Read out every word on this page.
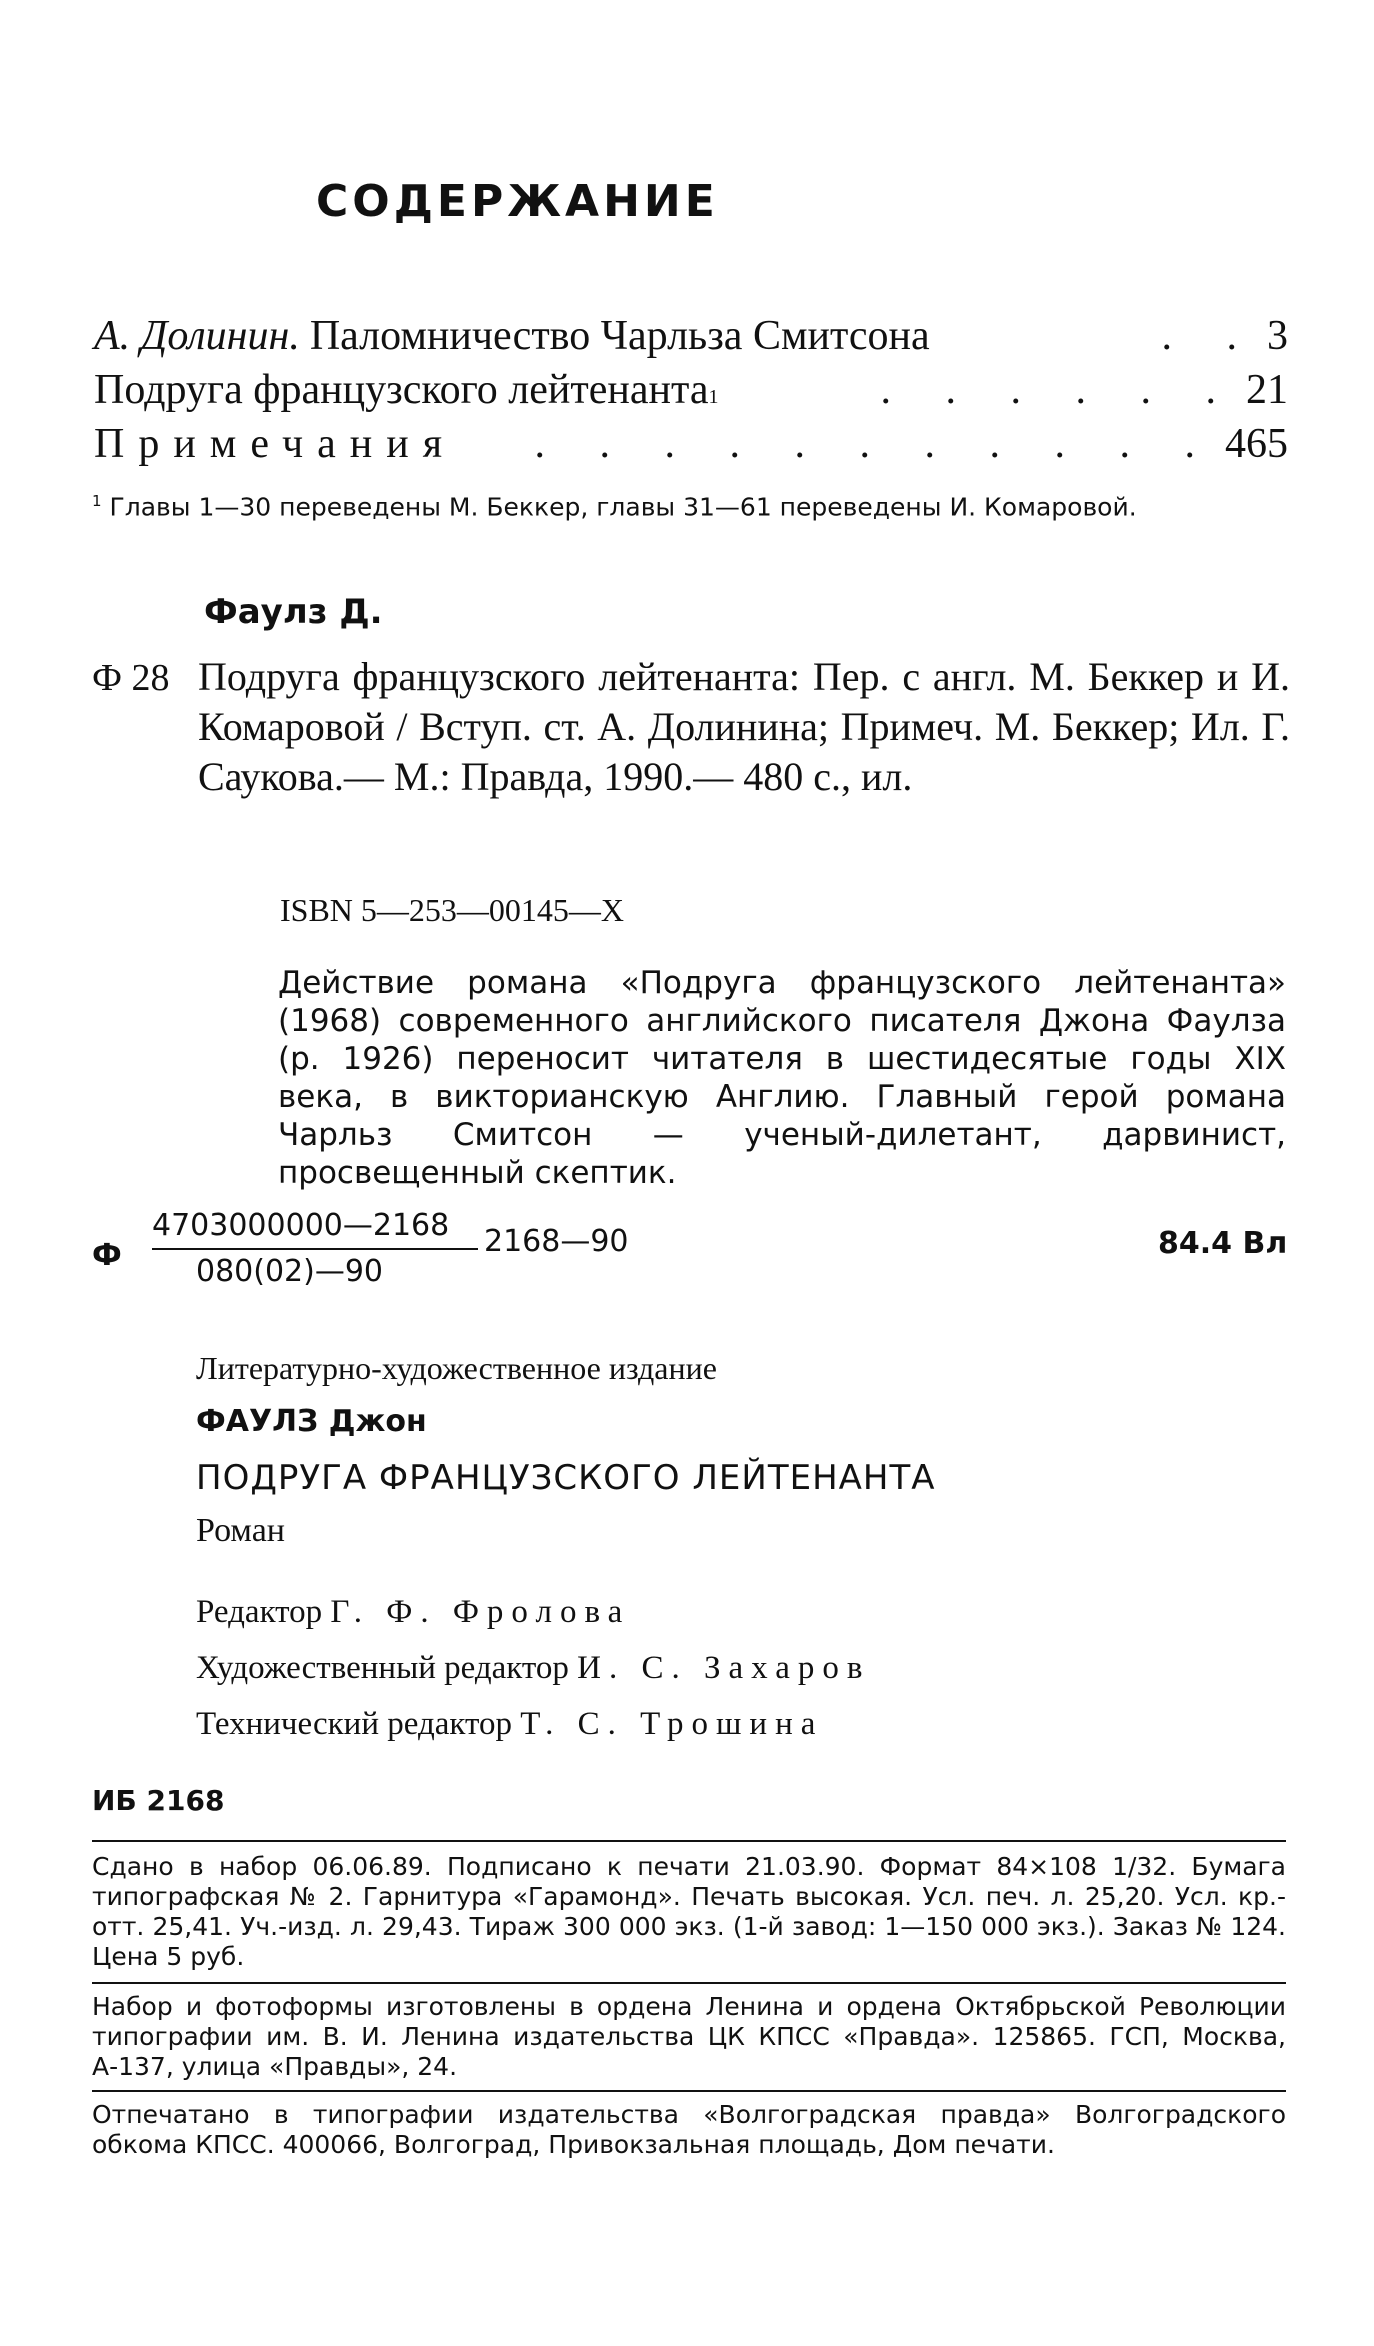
СОДЕРЖАНИЕ
А. Долинин. Паломничество Чарльза Смитсона	. . 3
Подруга французского лейтенанта 1	. . . . . . 21
Примечания	. . . . . . . . . . . 465
$^1$ Главы 1—30 переведены М. Беккер, главы 31—61 переведены И. Комаровой.
Фаулз Д.
Ф 28 Подруга французского лейтенанта: Пер. с англ. М. Беккер и И. Комаровой / Вступ. ст. А. Долинина; Примеч. М. Беккер; Ил. Г. Саукова.— М.: Правда, 1990.— 480 с., ил.
ISBN 5—253—00145—X
Действие романа «Подруга французского лейтенанта» (1968) современного английского писателя Джона Фаулза (р. 1926) переносит читателя в шестидесятые годы XIX века, в викторианскую Англию. Главный герой романа Чарльз Смитсон — ученый-дилетант, дарвинист, просвещенный скептик.
Ф
4703000000—2168
080(02)—90
2168—90	84.4 Вл
Литературно-художественное издание
ФАУЛЗ Джон
ПОДРУГА ФРАНЦУЗСКОГО ЛЕЙТЕНАНТА
Роман
Редактор Г. Ф. Фролова
Художественный редактор И. С. Захаров
Технический редактор Т. С. Трошина
ИБ 2168
Сдано в набор 06.06.89. Подписано к печати 21.03.90. Формат 84×108 1/32. Бумага типографская № 2. Гарнитура «Гарамонд». Печать высокая. Усл. печ. л. 25,20. Усл. кр.-отт. 25,41. Уч.-изд. л. 29,43. Тираж 300 000 экз. (1-й завод: 1—150 000 экз.). Заказ № 124. Цена 5 руб.
Набор и фотоформы изготовлены в ордена Ленина и ордена Октябрьской Революции типографии им. В. И. Ленина издательства ЦК КПСС «Правда». 125865. ГСП, Москва, А-137, улица «Правды», 24.
Отпечатано в типографии издательства «Волгоградская правда» Волгоградского обкома КПСС. 400066, Волгоград, Привокзальная площадь, Дом печати.
